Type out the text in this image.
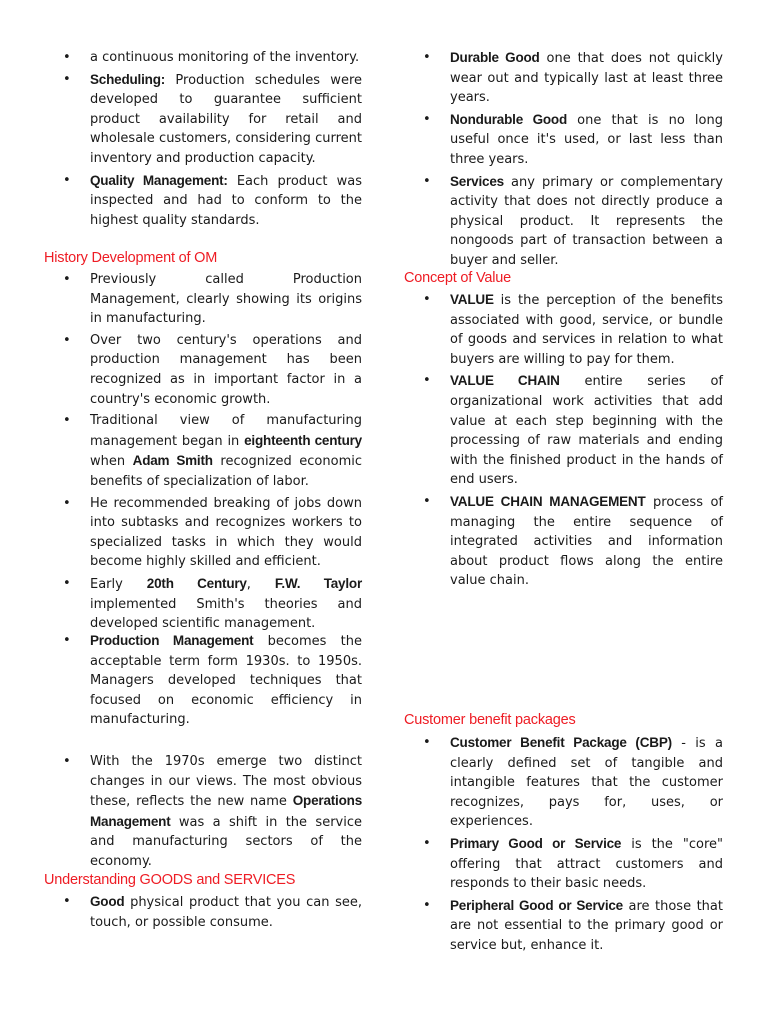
• a continuous monitoring of the inventory.
• Scheduling: Production schedules were developed to guarantee sufficient product availability for retail and wholesale customers, considering current inventory and production capacity.
• Quality Management: Each product was inspected and had to conform to the highest quality standards.
History Development of OM
• Previously called Production Management, clearly showing its origins in manufacturing.
• Over two century's operations and production management has been recognized as in important factor in a country's economic growth.
• Traditional view of manufacturing management began in eighteenth century when Adam Smith recognized economic benefits of specialization of labor.
• He recommended breaking of jobs down into subtasks and recognizes workers to specialized tasks in which they would become highly skilled and efficient.
• Early 20th Century, F.W. Taylor implemented Smith's theories and developed scientific management.
• Production Management becomes the acceptable term form 1930s. to 1950s. Managers developed techniques that focused on economic efficiency in manufacturing.
• With the 1970s emerge two distinct changes in our views. The most obvious these, reflects the new name Operations Management was a shift in the service and manufacturing sectors of the economy.
Understanding GOODS and SERVICES
• Good physical product that you can see, touch, or possible consume.
• Durable Good one that does not quickly wear out and typically last at least three years.
• Nondurable Good one that is no long useful once it's used, or last less than three years.
• Services any primary or complementary activity that does not directly produce a physical product. It represents the nongoods part of transaction between a buyer and seller.
Concept of Value
• VALUE is the perception of the benefits associated with good, service, or bundle of goods and services in relation to what buyers are willing to pay for them.
• VALUE CHAIN entire series of organizational work activities that add value at each step beginning with the processing of raw materials and ending with the finished product in the hands of end users.
• VALUE CHAIN MANAGEMENT process of managing the entire sequence of integrated activities and information about product flows along the entire value chain.
Customer benefit packages
• Customer Benefit Package (CBP) - is a clearly defined set of tangible and intangible features that the customer recognizes, pays for, uses, or experiences.
• Primary Good or Service is the "core" offering that attract customers and responds to their basic needs.
• Peripheral Good or Service are those that are not essential to the primary good or service but, enhance it.
